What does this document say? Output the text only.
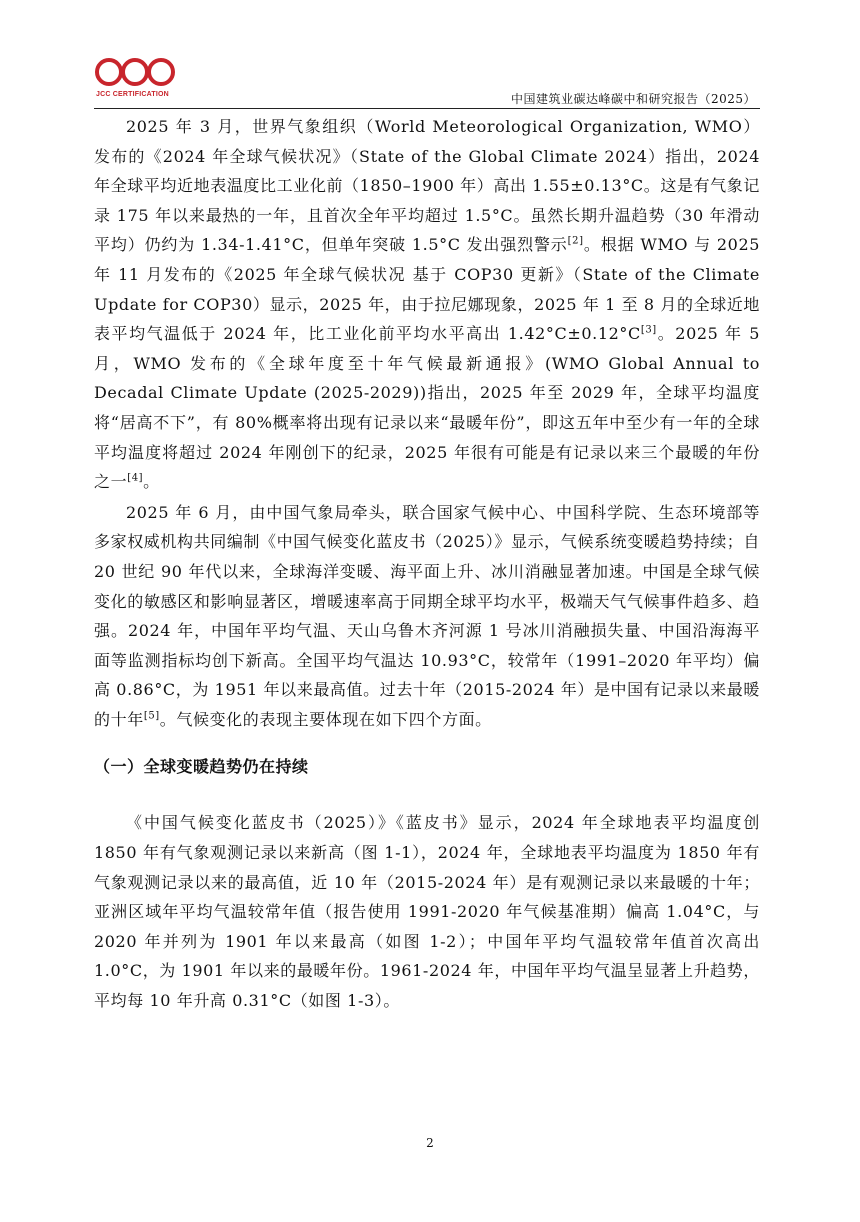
JCC CERTIFICATION	中国建筑业碳达峰碳中和研究报告（2025）

2025 年 3 月，世界气象组织（World Meteorological Organization, WMO）发布的《2024 年全球气候状况》（State of the Global Climate 2024）指出，2024 年全球平均近地表温度比工业化前（1850–1900 年）高出 1.55±0.13°C。这是有气象记录 175 年以来最热的一年，且首次全年平均超过 1.5°C。虽然长期升温趋势（30 年滑动平均）仍约为 1.34-1.41°C，但单年突破 1.5°C 发出强烈警示[2]。根据 WMO 与 2025 年 11 月发布的《2025 年全球气候状况 基于 COP30 更新》（State of the Climate Update for COP30）显示，2025 年，由于拉尼娜现象，2025 年 1 至 8 月的全球近地表平均气温低于 2024 年，比工业化前平均水平高出 1.42°C±0.12°C[3]。2025 年 5 月，WMO 发布的《全球年度至十年气候最新通报》(WMO Global Annual to Decadal Climate Update (2025-2029))指出，2025 年至 2029 年，全球平均温度将“居高不下”，有 80%概率将出现有记录以来“最暖年份”，即这五年中至少有一年的全球平均温度将超过 2024 年刚创下的纪录，2025 年很有可能是有记录以来三个最暖的年份之一[4]。

2025 年 6 月，由中国气象局牵头，联合国家气候中心、中国科学院、生态环境部等多家权威机构共同编制《中国气候变化蓝皮书（2025）》显示，气候系统变暖趋势持续；自 20 世纪 90 年代以来，全球海洋变暖、海平面上升、冰川消融显著加速。中国是全球气候变化的敏感区和影响显著区，增暖速率高于同期全球平均水平，极端天气气候事件趋多、趋强。2024 年，中国年平均气温、天山乌鲁木齐河源 1 号冰川消融损失量、中国沿海海平面等监测指标均创下新高。全国平均气温达 10.93°C，较常年（1991–2020 年平均）偏高 0.86°C，为 1951 年以来最高值。过去十年（2015-2024 年）是中国有记录以来最暖的十年[5]。气候变化的表现主要体现在如下四个方面。

（一）全球变暖趋势仍在持续

《中国气候变化蓝皮书（2025）》《蓝皮书》显示，2024 年全球地表平均温度创 1850 年有气象观测记录以来新高（图 1-1），2024 年，全球地表平均温度为 1850 年有气象观测记录以来的最高值，近 10 年（2015-2024 年）是有观测记录以来最暖的十年；亚洲区域年平均气温较常年值（报告使用 1991-2020 年气候基准期）偏高 1.04°C，与 2020 年并列为 1901 年以来最高（如图 1-2）；中国年平均气温较常年值首次高出 1.0°C，为 1901 年以来的最暖年份。1961-2024 年，中国年平均气温呈显著上升趋势，平均每 10 年升高 0.31°C（如图 1-3）。

2
